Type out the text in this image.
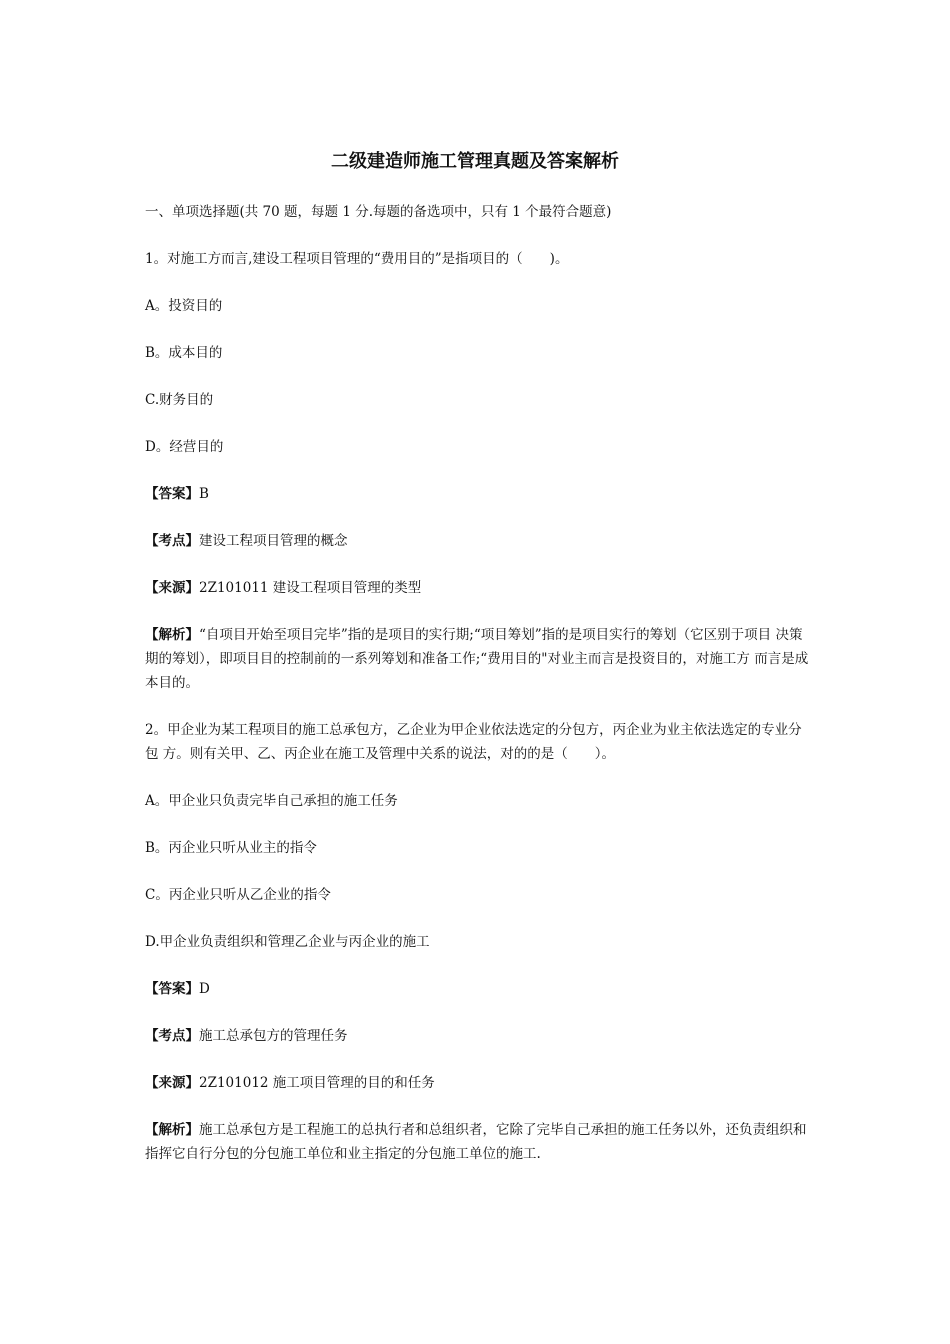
二级建造师施工管理真题及答案解析

一、单项选择题(共 70 题，每题 1 分.每题的备选项中，只有 1 个最符合题意)

1。对施工方而言,建设工程项目管理的“费用目的”是指项目的（　　)。

A。投资目的

B。成本目的

C.财务目的

D。经营目的

【答案】B

【考点】建设工程项目管理的概念

【来源】2Z101011 建设工程项目管理的类型

【解析】“自项目开始至项目完毕”指的是项目的实行期;“项目筹划”指的是项目实行的筹划（它区别于项目 决策期的筹划），即项目目的控制前的一系列筹划和准备工作;“费用目的"对业主而言是投资目的，对施工方 而言是成本目的。

2。甲企业为某工程项目的施工总承包方，乙企业为甲企业依法选定的分包方，丙企业为业主依法选定的专业分包 方。则有关甲、乙、丙企业在施工及管理中关系的说法，对的的是（　　）。

A。甲企业只负责完毕自己承担的施工任务

B。丙企业只听从业主的指令

C。丙企业只听从乙企业的指令

D.甲企业负责组织和管理乙企业与丙企业的施工

【答案】D

【考点】施工总承包方的管理任务

【来源】2Z101012 施工项目管理的目的和任务

【解析】施工总承包方是工程施工的总执行者和总组织者，它除了完毕自己承担的施工任务以外，还负责组织和 指挥它自行分包的分包施工单位和业主指定的分包施工单位的施工.
